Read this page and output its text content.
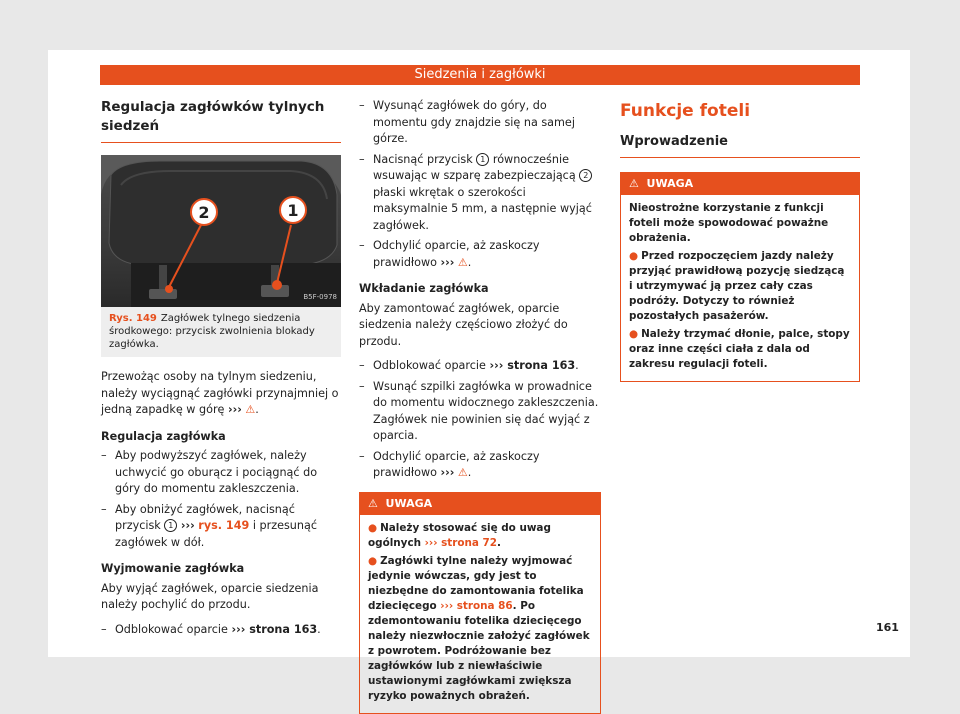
Siedzenia i zagłówki
Regulacja zagłówków tylnych siedzeń
1
2
B5F-0978
Rys. 149 Zagłówek tylnego siedzenia środkowego: przycisk zwolnienia blokady zagłówka.

Przewożąc osoby na tylnym siedzeniu, należy wyciągnąć zagłówki przynajmniej o jedną zapadkę w górę ››› ⚠.

Regulacja zagłówka
– Aby podwyższyć zagłówek, należy uchwycić go oburącz i pociągnąć do góry do momentu zakleszczenia.
– Aby obniżyć zagłówek, nacisnąć przycisk 1 ››› rys. 149 i przesunąć zagłówek w dół.
Wyjmowanie zagłówka

Aby wyjąć zagłówek, oparcie siedzenia należy pochylić do przodu.

– Odblokować oparcie ››› strona 163.
– Wysunąć zagłówek do góry, do momentu gdy znajdzie się na samej górze.
– Nacisnąć przycisk 1 równocześnie wsuwając w szparę zabezpieczającą 2 płaski wkrętak o szerokości maksymalnie 5 mm, a następnie wyjąć zagłówek.
– Odchylić oparcie, aż zaskoczy prawidłowo ››› ⚠.
Wkładanie zagłówka

Aby zamontować zagłówek, oparcie siedzenia należy częściowo złożyć do przodu.

– Odblokować oparcie ››› strona 163.
– Wsunąć szpilki zagłówka w prowadnice do momentu widocznego zakleszczenia. Zagłówek nie powinien się dać wyjąć z oparcia.
– Odchylić oparcie, aż zaskoczy prawidłowo ››› ⚠.
⚠ UWAGA
● Należy stosować się do uwag ogólnych ››› strona 72.
● Zagłówki tylne należy wyjmować jedynie wówczas, gdy jest to niezbędne do zamontowania fotelika dziecięcego ››› strona 86. Po zdemontowaniu fotelika dziecięcego należy niezwłocznie założyć zagłówek z powrotem. Podróżowanie bez zagłówków lub z niewłaściwie ustawionymi zagłówkami zwiększa ryzyko poważnych obrażeń.
Funkcje foteli
Wprowadzenie
⚠ UWAGA
Nieostrożne korzystanie z funkcji foteli może spowodować poważne obrażenia.
● Przed rozpoczęciem jazdy należy przyjąć prawidłową pozycję siedzącą i utrzymywać ją przez cały czas podróży. Dotyczy to również pozostałych pasażerów.
● Należy trzymać dłonie, palce, stopy oraz inne części ciała z dala od zakresu regulacji foteli.
161
